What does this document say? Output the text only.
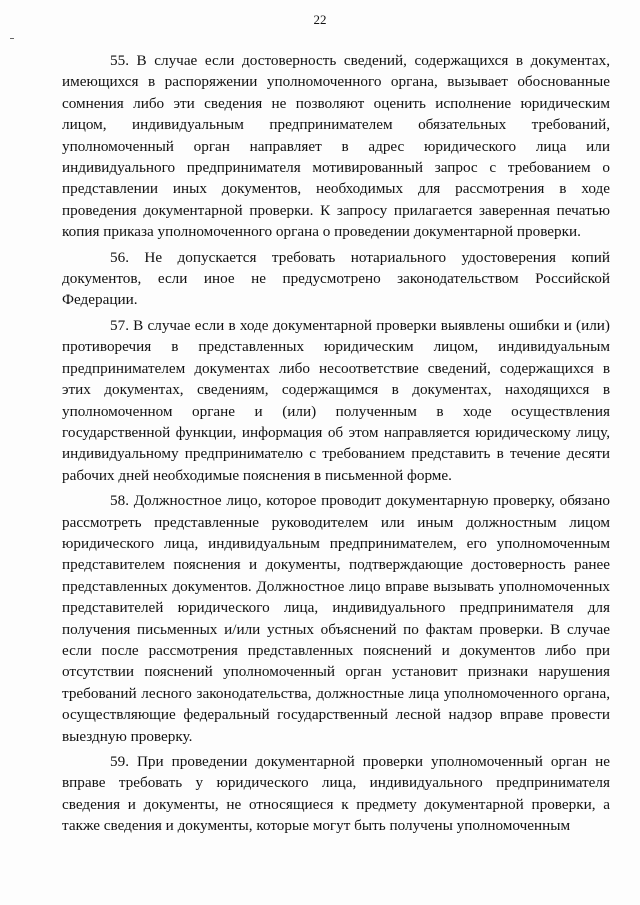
22

55. В случае если достоверность сведений, содержащихся в документах, имеющихся в распоряжении уполномоченного органа, вызывает обоснованные сомнения либо эти сведения не позволяют оценить исполнение юридическим лицом, индивидуальным предпринимателем обязательных требований, уполномоченный орган направляет в адрес юридического лица или индивидуального предпринимателя мотивированный запрос с требованием о представлении иных документов, необходимых для рассмотрения в ходе проведения документарной проверки. К запросу прилагается заверенная печатью копия приказа уполномоченного органа о проведении документарной проверки.

56. Не допускается требовать нотариального удостоверения копий документов, если иное не предусмотрено законодательством Российской Федерации.

57. В случае если в ходе документарной проверки выявлены ошибки и (или) противоречия в представленных юридическим лицом, индивидуальным предпринимателем документах либо несоответствие сведений, содержащихся в этих документах, сведениям, содержащимся в документах, находящихся в уполномоченном органе и (или) полученным в ходе осуществления государственной функции, информация об этом направляется юридическому лицу, индивидуальному предпринимателю с требованием представить в течение десяти рабочих дней необходимые пояснения в письменной форме.

58. Должностное лицо, которое проводит документарную проверку, обязано рассмотреть представленные руководителем или иным должностным лицом юридического лица, индивидуальным предпринимателем, его уполномоченным представителем пояснения и документы, подтверждающие достоверность ранее представленных документов. Должностное лицо вправе вызывать уполномоченных представителей юридического лица, индивидуального предпринимателя для получения письменных и/или устных объяснений по фактам проверки. В случае если после рассмотрения представленных пояснений и документов либо при отсутствии пояснений уполномоченный орган установит признаки нарушения требований лесного законодательства, должностные лица уполномоченного органа, осуществляющие федеральный государственный лесной надзор вправе провести выездную проверку.

59. При проведении документарной проверки уполномоченный орган не вправе требовать у юридического лица, индивидуального предпринимателя сведения и документы, не относящиеся к предмету документарной проверки, а также сведения и документы, которые могут быть получены уполномоченным
